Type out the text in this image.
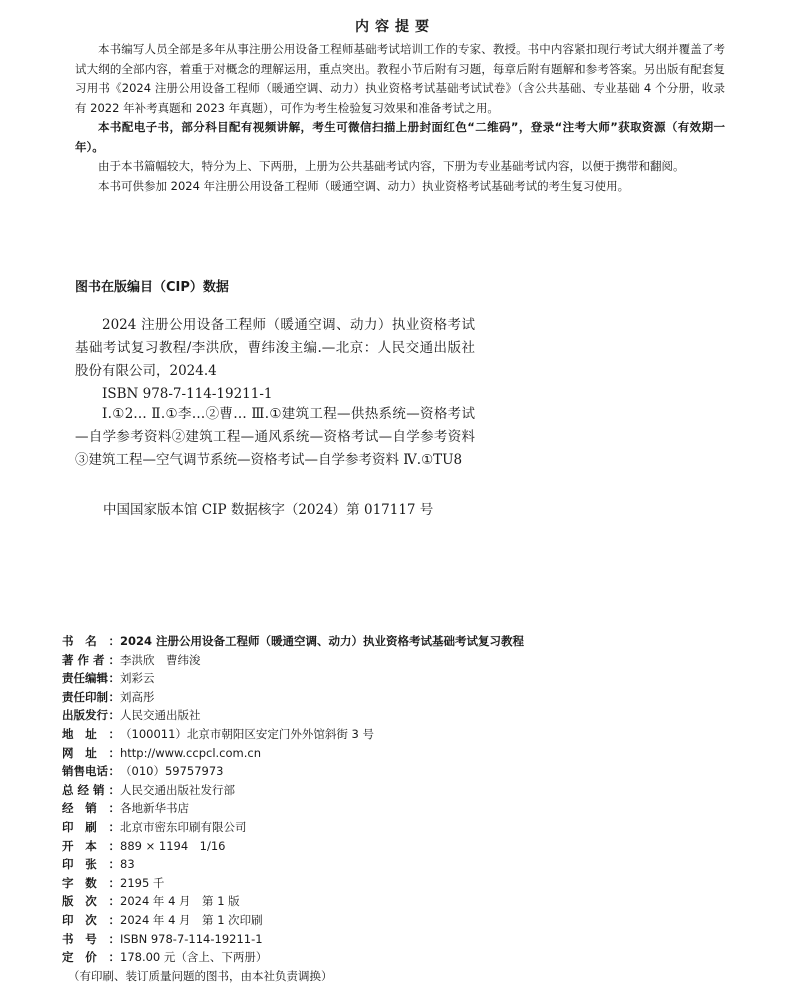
内容提要

本书编写人员全部是多年从事注册公用设备工程师基础考试培训工作的专家、教授。书中内容紧扣现行考试大纲并覆盖了考试大纲的全部内容，着重于对概念的理解运用，重点突出。教程小节后附有习题，每章后附有题解和参考答案。另出版有配套复习用书《2024 注册公用设备工程师（暖通空调、动力）执业资格考试基础考试试卷》（含公共基础、专业基础 4 个分册，收录有 2022 年补考真题和 2023 年真题），可作为考生检验复习效果和准备考试之用。

本书配电子书，部分科目配有视频讲解，考生可微信扫描上册封面红色“二维码”，登录“注考大师”获取资源（有效期一年）。

由于本书篇幅较大，特分为上、下两册，上册为公共基础考试内容，下册为专业基础考试内容，以便于携带和翻阅。

本书可供参加 2024 年注册公用设备工程师（暖通空调、动力）执业资格考试基础考试的考生复习使用。

图书在版编目（CIP）数据

2024 注册公用设备工程师（暖通空调、动力）执业资格考试基础考试复习教程/李洪欣，曹纬浚主编.—北京：人民交通出版社股份有限公司，2024.4

ISBN 978-7-114-19211-1

Ⅰ.①2… Ⅱ.①李…②曹… Ⅲ.①建筑工程—供热系统—资格考试—自学参考资料②建筑工程—通风系统—资格考试—自学参考资料③建筑工程—空气调节系统—资格考试—自学参考资料 Ⅳ.①TU8

中国国家版本馆 CIP 数据核字（2024）第 017117 号
书 名 ： 2024 注册公用设备工程师（暖通空调、动力）执业资格考试基础考试复习教程
著 作 者 ： 李洪欣　曹纬浚
责任编辑 ： 刘彩云
责任印制 ： 刘高彤
出版发行 ： 人民交通出版社
地 址 ： （100011）北京市朝阳区安定门外外馆斜街 3 号
网 址 ： http://www.ccpcl.com.cn
销售电话 ： （010）59757973
总 经 销 ： 人民交通出版社发行部
经 销 ： 各地新华书店
印 刷 ： 北京市密东印刷有限公司
开 本 ： 889 × 1194　1/16
印 张 ： 83
字 数 ： 2195 千
版 次 ： 2024 年 4 月　第 1 版
印 次 ： 2024 年 4 月　第 1 次印刷
书 号 ： ISBN 978-7-114-19211-1
定 价 ： 178.00 元（含上、下两册）
（有印刷、装订质量问题的图书，由本社负责调换）
